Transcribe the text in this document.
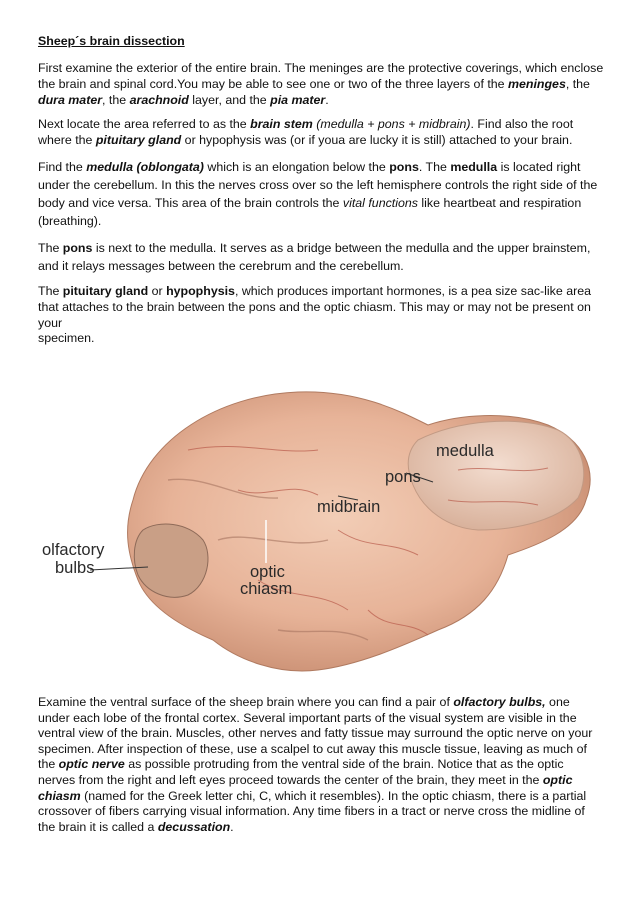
Sheep´s brain dissection

First examine the exterior of the entire brain. The meninges are the protective coverings, which enclose the brain and spinal cord.You may be able to see one or two of the three layers of the meninges, the dura mater, the arachnoid layer, and the pia mater.

Next locate the area referred to as the brain stem (medulla + pons + midbrain). Find also the root where the pituitary gland or hypophysis was (or if youa are lucky it is still) attached to your brain.

Find the medulla (oblongata) which is an elongation below the pons. The medulla is located right under the cerebellum. In this the nerves cross over so the left hemisphere controls the right side of the body and vice versa. This area of the brain controls the vital functions like heartbeat and respiration (breathing).

The pons is next to the medulla. It serves as a bridge between the medulla and the upper brainstem, and it relays messages between the cerebrum and the cerebellum.

The pituitary gland or hypophysis, which produces important hormones, is a pea size sac-like area that attaches to the brain between the pons and the optic chiasm. This may or may not be present on your
specimen.

medulla
pons
midbrain
olfactory
bulbs	optic
chiasm

Examine the ventral surface of the sheep brain where you can find a pair of olfactory bulbs, one under each lobe of the frontal cortex. Several important parts of the visual system are visible in the ventral view of the brain. Muscles, other nerves and fatty tissue may surround the optic nerve on your specimen. After inspection of these, use a scalpel to cut away this muscle tissue, leaving as much of the optic nerve as possible protruding from the ventral side of the brain. Notice that as the optic nerves from the right and left eyes proceed towards the center of the brain, they meet in the optic chiasm (named for the Greek letter chi, C, which it resembles). In the optic chiasm, there is a partial crossover of fibers carrying visual information. Any time fibers in a tract or nerve cross the midline of the brain it is called a decussation.
